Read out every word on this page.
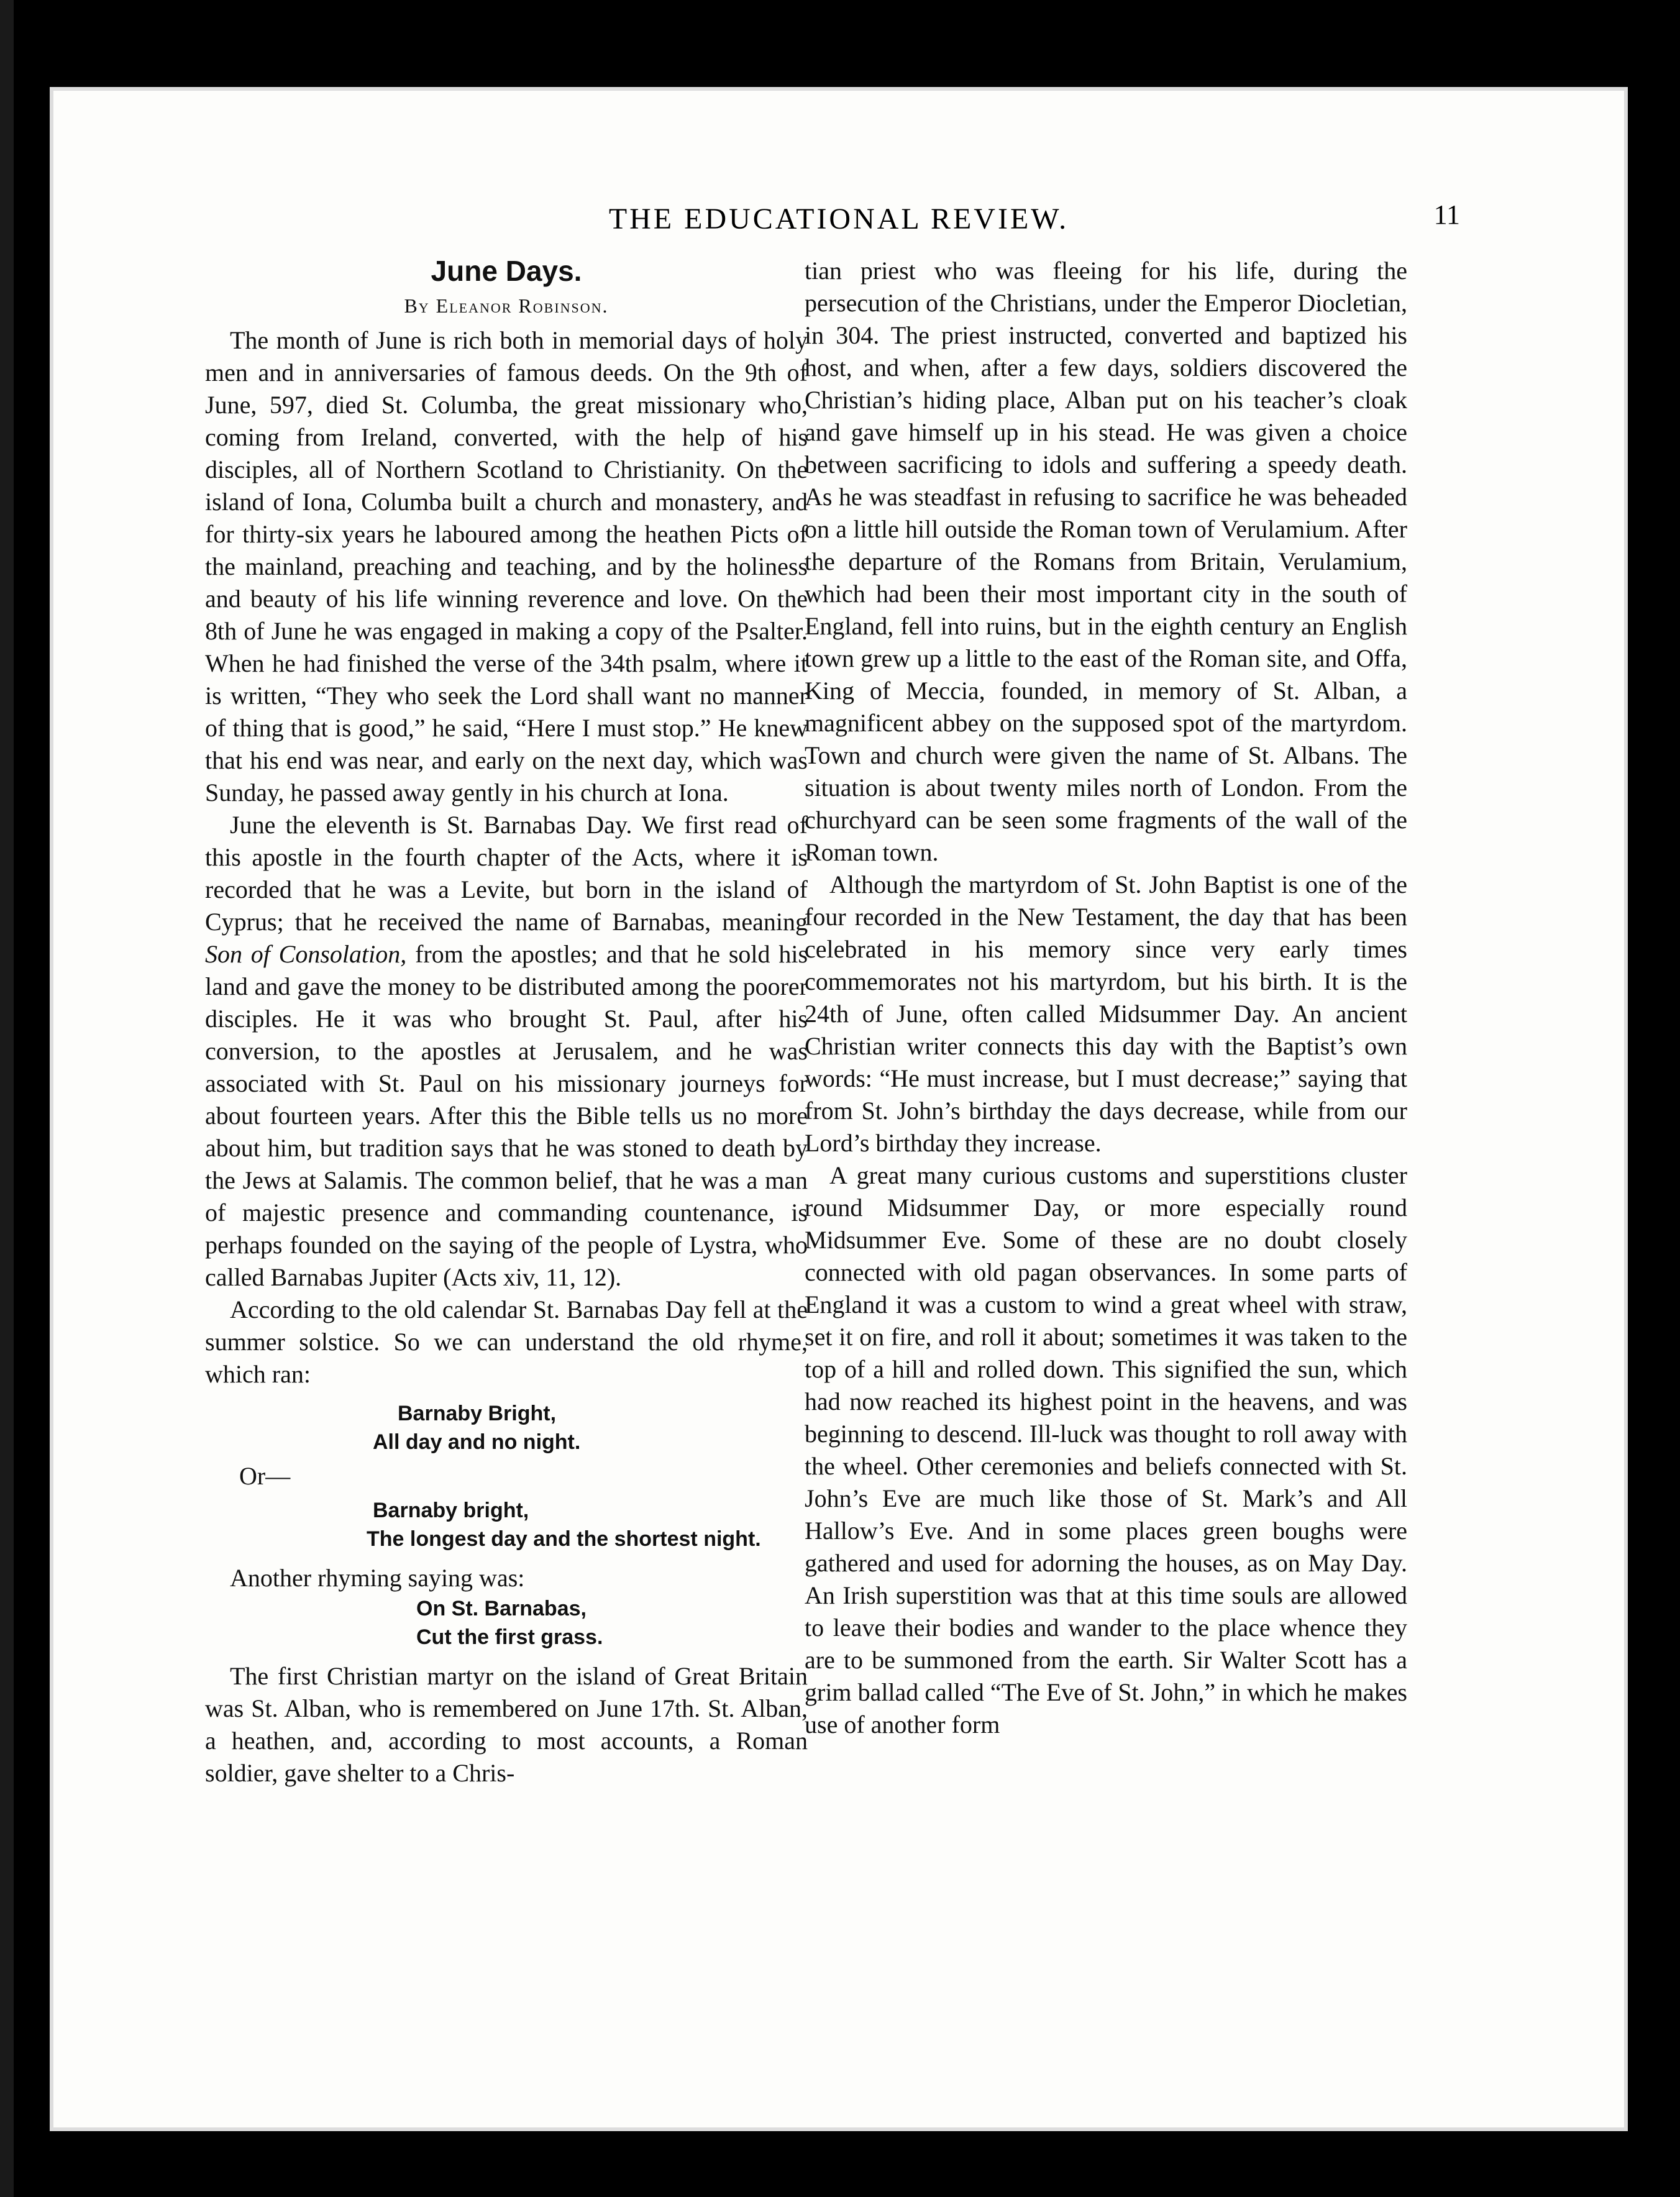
THE EDUCATIONAL REVIEW.	11
June Days.
By Eleanor Robinson.

The month of June is rich both in memorial days of holy men and in anniversaries of famous deeds. On the 9th of June, 597, died St. Columba, the great missionary who, coming from Ireland, converted, with the help of his disciples, all of Northern Scotland to Christianity. On the island of Iona, Columba built a church and monastery, and for thirty-six years he laboured among the heathen Picts of the mainland, preaching and teaching, and by the holiness and beauty of his life winning reverence and love. On the 8th of June he was engaged in making a copy of the Psalter. When he had finished the verse of the 34th psalm, where it is written, “They who seek the Lord shall want no manner of thing that is good,” he said, “Here I must stop.” He knew that his end was near, and early on the next day, which was Sunday, he passed away gently in his church at Iona.

June the eleventh is St. Barnabas Day. We first read of this apostle in the fourth chapter of the Acts, where it is recorded that he was a Levite, but born in the island of Cyprus; that he received the name of Barnabas, meaning Son of Consolation, from the apostles; and that he sold his land and gave the money to be distributed among the poorer disciples. He it was who brought St. Paul, after his conversion, to the apostles at Jerusalem, and he was associated with St. Paul on his missionary journeys for about fourteen years. After this the Bible tells us no more about him, but tradition says that he was stoned to death by the Jews at Salamis. The common belief, that he was a man of majestic presence and commanding countenance, is perhaps founded on the saying of the people of Lystra, who called Barnabas Jupiter (Acts xiv, 11, 12).

According to the old calendar St. Barnabas Day fell at the summer solstice. So we can understand the old rhyme, which ran:

Barnaby Bright,
All day and no night.
Or—
Barnaby bright,
The longest day and the shortest night.

Another rhyming saying was:

On St. Barnabas,
Cut the first grass.

The first Christian martyr on the island of Great Britain was St. Alban, who is remembered on June 17th. St. Alban, a heathen, and, according to most accounts, a Roman soldier, gave shelter to a Chris-

tian priest who was fleeing for his life, during the persecution of the Christians, under the Emperor Diocletian, in 304. The priest instructed, converted and baptized his host, and when, after a few days, soldiers discovered the Christian’s hiding place, Alban put on his teacher’s cloak and gave himself up in his stead. He was given a choice between sacrificing to idols and suffering a speedy death. As he was steadfast in refusing to sacrifice he was beheaded on a little hill outside the Roman town of Verulamium. After the departure of the Romans from Britain, Verulamium, which had been their most important city in the south of England, fell into ruins, but in the eighth century an English town grew up a little to the east of the Roman site, and Offa, King of Meccia, founded, in memory of St. Alban, a magnificent abbey on the supposed spot of the martyrdom. Town and church were given the name of St. Albans. The situation is about twenty miles north of London. From the churchyard can be seen some fragments of the wall of the Roman town.

Although the martyrdom of St. John Baptist is one of the four recorded in the New Testament, the day that has been celebrated in his memory since very early times commemorates not his martyrdom, but his birth. It is the 24th of June, often called Midsummer Day. An ancient Christian writer connects this day with the Baptist’s own words: “He must increase, but I must decrease;” saying that from St. John’s birthday the days decrease, while from our Lord’s birthday they increase.

A great many curious customs and superstitions cluster round Midsummer Day, or more especially round Midsummer Eve. Some of these are no doubt closely connected with old pagan observances. In some parts of England it was a custom to wind a great wheel with straw, set it on fire, and roll it about; sometimes it was taken to the top of a hill and rolled down. This signified the sun, which had now reached its highest point in the heavens, and was beginning to descend. Ill-luck was thought to roll away with the wheel. Other ceremonies and beliefs connected with St. John’s Eve are much like those of St. Mark’s and All Hallow’s Eve. And in some places green boughs were gathered and used for adorning the houses, as on May Day. An Irish superstition was that at this time souls are allowed to leave their bodies and wander to the place whence they are to be summoned from the earth. Sir Walter Scott has a grim ballad called “The Eve of St. John,” in which he makes use of another form
